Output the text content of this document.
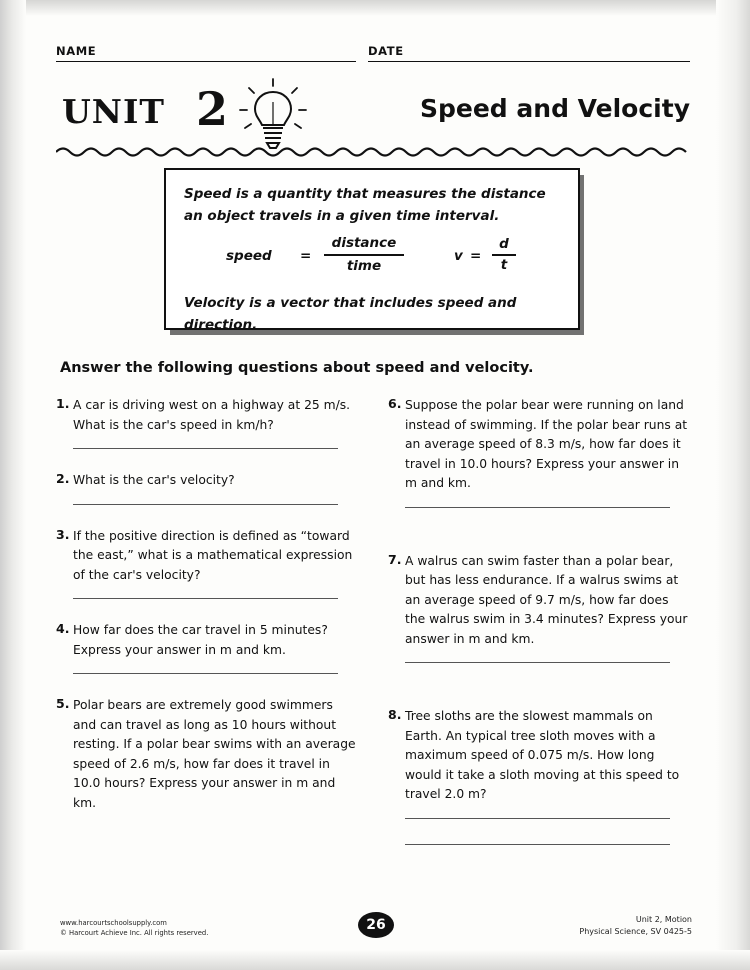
NAME	DATE
UNIT 2	Speed and Velocity
Speed is a quantity that measures the distance an object travels in a given time interval.
speed =
distance
time
v =
d
t
Velocity is a vector that includes speed and direction.
Answer the following questions about speed and velocity.
1. A car is driving west on a highway at 25 m/s. What is the car's speed in km/h?
2. What is the car's velocity?
3. If the positive direction is defined as “toward the east,” what is a mathematical expression of the car's velocity?
4. How far does the car travel in 5 minutes? Express your answer in m and km.
5. Polar bears are extremely good swimmers and can travel as long as 10 hours without resting. If a polar bear swims with an average speed of 2.6 m/s, how far does it travel in 10.0 hours? Express your answer in m and km.
6. Suppose the polar bear were running on land instead of swimming. If the polar bear runs at an average speed of 8.3 m/s, how far does it travel in 10.0 hours? Express your answer in m and km.
7. A walrus can swim faster than a polar bear, but has less endurance. If a walrus swims at an average speed of 9.7 m/s, how far does the walrus swim in 3.4 minutes? Express your answer in m and km.
8. Tree sloths are the slowest mammals on Earth. An typical tree sloth moves with a maximum speed of 0.075 m/s. How long would it take a sloth moving at this speed to travel 2.0 m?
www.harcourtschoolsupply.com
© Harcourt Achieve Inc. All rights reserved.	26	Unit 2, Motion
Physical Science, SV 0425-5
